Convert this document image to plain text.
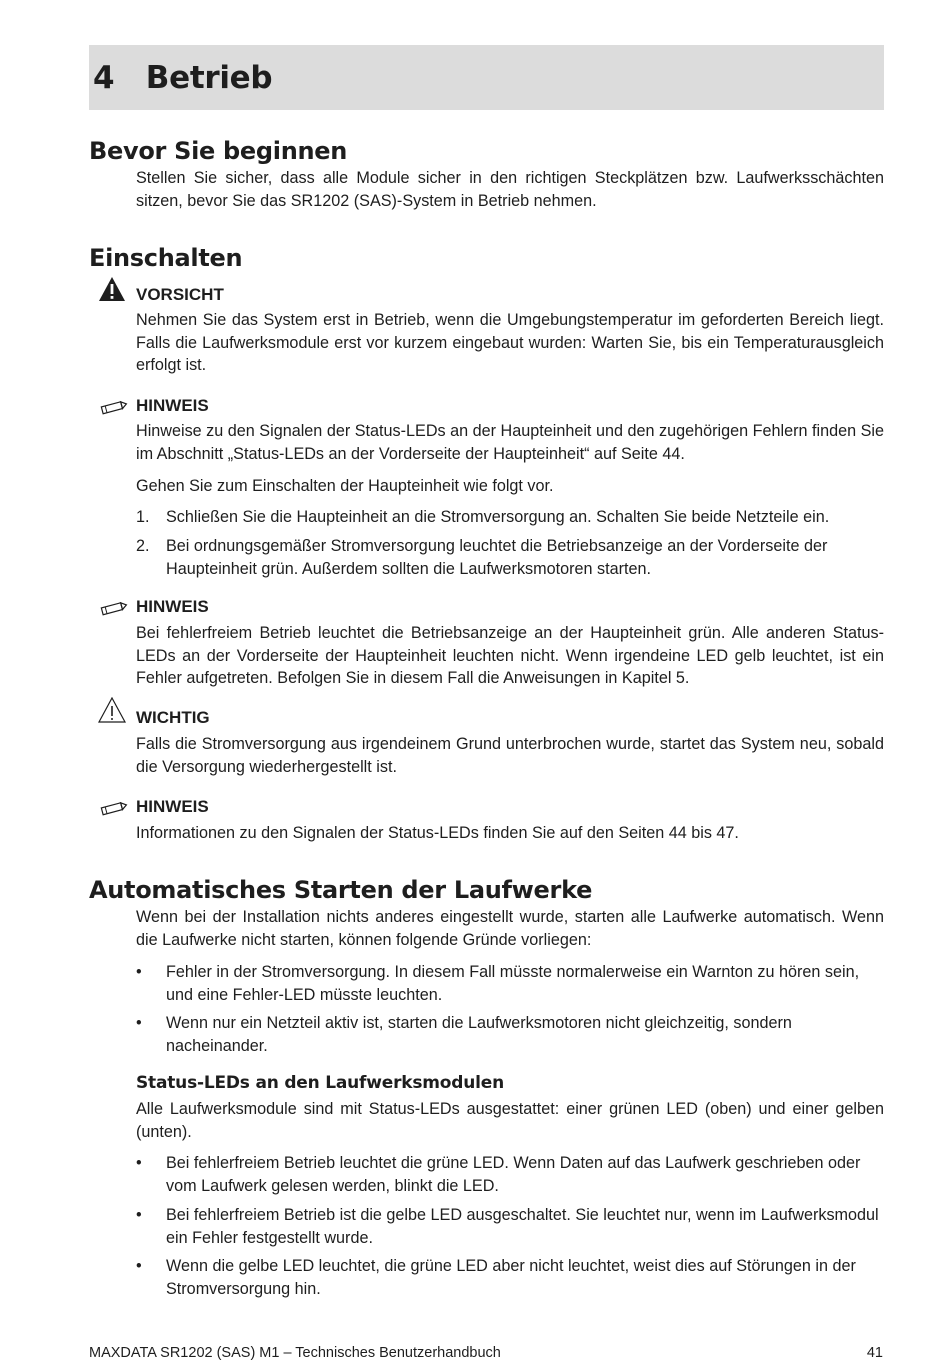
4 Betrieb
Bevor Sie beginnen

Stellen Sie sicher, dass alle Module sicher in den richtigen Steckplätzen bzw. Laufwerksschächten sitzen, bevor Sie das SR1202 (SAS)-System in Betrieb nehmen.

Einschalten
VORSICHT

Nehmen Sie das System erst in Betrieb, wenn die Umgebungstemperatur im geforderten Bereich liegt. Falls die Laufwerksmodule erst vor kurzem eingebaut wurden: Warten Sie, bis ein Temperaturausgleich erfolgt ist.

HINWEIS

Hinweise zu den Signalen der Status-LEDs an der Haupteinheit und den zugehörigen Fehlern finden Sie im Abschnitt „Status-LEDs an der Vorderseite der Haupteinheit“ auf Seite 44.

Gehen Sie zum Einschalten der Haupteinheit wie folgt vor.

1. Schließen Sie die Haupteinheit an die Stromversorgung an. Schalten Sie beide Netzteile ein.

2. Bei ordnungsgemäßer Stromversorgung leuchtet die Betriebsanzeige an der Vorderseite der Haupteinheit grün. Außerdem sollten die Laufwerksmotoren starten.

HINWEIS

Bei fehlerfreiem Betrieb leuchtet die Betriebsanzeige an der Haupteinheit grün. Alle anderen Status-LEDs an der Vorderseite der Haupteinheit leuchten nicht. Wenn irgendeine LED gelb leuchtet, ist ein Fehler aufgetreten. Befolgen Sie in diesem Fall die Anweisungen in Kapitel 5.

WICHTIG

Falls die Stromversorgung aus irgendeinem Grund unterbrochen wurde, startet das System neu, sobald die Versorgung wiederhergestellt ist.

HINWEIS

Informationen zu den Signalen der Status-LEDs finden Sie auf den Seiten 44 bis 47.

Automatisches Starten der Laufwerke

Wenn bei der Installation nichts anderes eingestellt wurde, starten alle Laufwerke automatisch. Wenn die Laufwerke nicht starten, können folgende Gründe vorliegen:

• Fehler in der Stromversorgung. In diesem Fall müsste normalerweise ein Warnton zu hören sein, und eine Fehler-LED müsste leuchten.

• Wenn nur ein Netzteil aktiv ist, starten die Laufwerksmotoren nicht gleichzeitig, sondern nacheinander.

Status-LEDs an den Laufwerksmodulen

Alle Laufwerksmodule sind mit Status-LEDs ausgestattet: einer grünen LED (oben) und einer gelben (unten).

• Bei fehlerfreiem Betrieb leuchtet die grüne LED. Wenn Daten auf das Laufwerk geschrieben oder vom Laufwerk gelesen werden, blinkt die LED.

• Bei fehlerfreiem Betrieb ist die gelbe LED ausgeschaltet. Sie leuchtet nur, wenn im Laufwerksmodul ein Fehler festgestellt wurde.

• Wenn die gelbe LED leuchtet, die grüne LED aber nicht leuchtet, weist dies auf Störungen in der Stromversorgung hin.

MAXDATA SR1202 (SAS) M1 – Technisches Benutzerhandbuch	41
